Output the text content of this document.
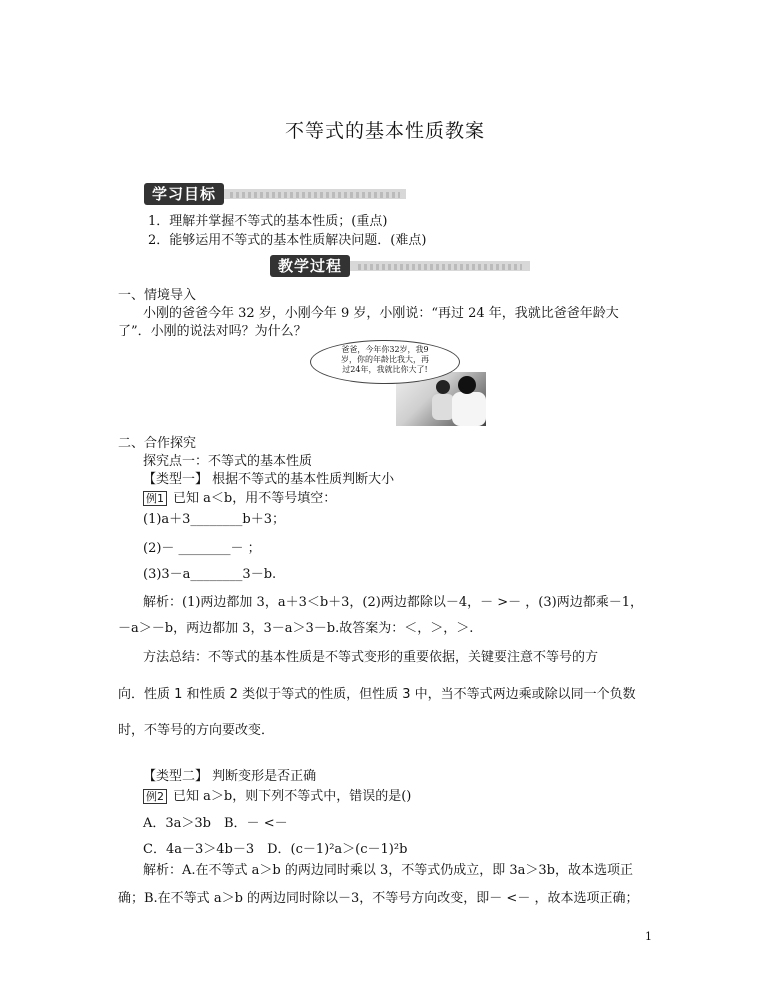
不等式的基本性质教案
学习目标
1．理解并掌握不等式的基本性质；(重点)
2．能够运用不等式的基本性质解决问题．(难点)
教学过程
一、情境导入
小刚的爸爸今年 32 岁，小刚今年 9 岁，小刚说：“再过 24 年，我就比爸爸年龄大
了”．小刚的说法对吗？为什么？
爸爸，今年你32岁，我9
岁，你的年龄比我大，再
过24年，我就比你大了!
二、合作探究
探究点一：不等式的基本性质
【类型一】 根据不等式的基本性质判断大小
例1 已知 a＜b，用不等号填空：
(1)a＋3________b＋3；
(2)－ ________－ ；
(3)3－a________3－b.
解析：(1)两边都加 3，a＋3＜b＋3，(2)两边都除以－4，－ >－ ，(3)两边都乘－1，
－a＞－b，两边都加 3，3－a＞3－b.故答案为：＜，＞，＞.
方法总结：不等式的基本性质是不等式变形的重要依据，关键要注意不等号的方
向．性质 1 和性质 2 类似于等式的性质，但性质 3 中，当不等式两边乘或除以同一个负数
时，不等号的方向要改变．
【类型二】 判断变形是否正确
例2 已知 a＞b，则下列不等式中，错误的是()
A．3a＞3b　B．－ <－
C．4a－3＞4b－3　D．(c－1)²a＞(c－1)²b
解析：A.在不等式 a＞b 的两边同时乘以 3，不等式仍成立，即 3a＞3b，故本选项正
确；B.在不等式 a＞b 的两边同时除以－3，不等号方向改变，即－ <－ ，故本选项正确；
1
